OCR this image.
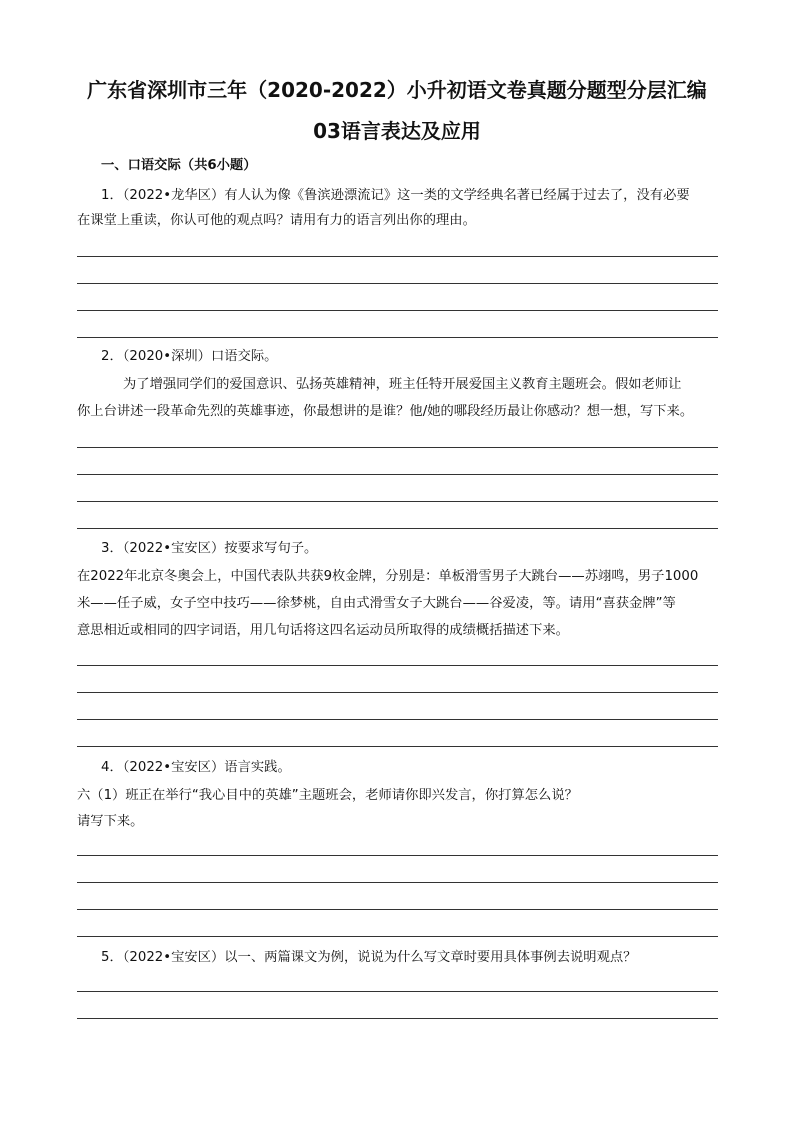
广东省深圳市三年（2020-2022）小升初语文卷真题分题型分层汇编
03语言表达及应用
一、口语交际（共6小题）
1．（2022•龙华区）有人认为像《鲁滨逊漂流记》这一类的文学经典名著已经属于过去了，没有必要
在课堂上重读，你认可他的观点吗？请用有力的语言列出你的理由。
2．（2020•深圳）口语交际。
为了增强同学们的爱国意识、弘扬英雄精神，班主任特开展爱国主义教育主题班会。假如老师让
你上台讲述一段革命先烈的英雄事迹，你最想讲的是谁？他/她的哪段经历最让你感动？想一想，写下来。
3．（2022•宝安区）按要求写句子。
在2022年北京冬奥会上，中国代表队共获9枚金牌，分别是：单板滑雪男子大跳台——苏翊鸣，男子1000
米——任子威，女子空中技巧——徐梦桃，自由式滑雪女子大跳台——谷爱凌，等。请用“喜获金牌”等
意思相近或相同的四字词语，用几句话将这四名运动员所取得的成绩概括描述下来。
4．（2022•宝安区）语言实践。
六（1）班正在举行“我心目中的英雄”主题班会，老师请你即兴发言，你打算怎么说？
请写下来。
5．（2022•宝安区）以一、两篇课文为例，说说为什么写文章时要用具体事例去说明观点？
